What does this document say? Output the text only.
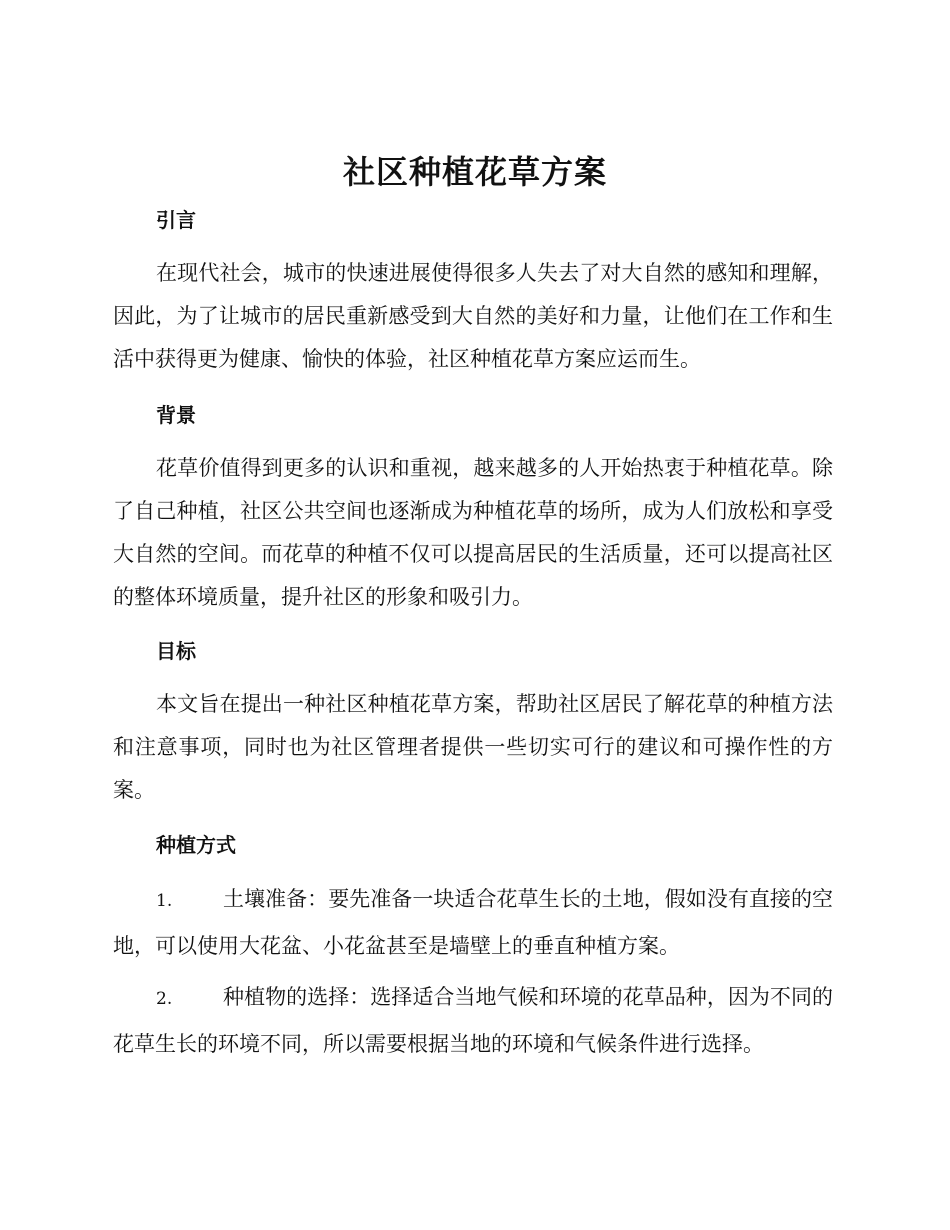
社区种植花草方案
引言

在现代社会，城市的快速进展使得很多人失去了对大自然的感知和理解，因此，为了让城市的居民重新感受到大自然的美好和力量，让他们在工作和生活中获得更为健康、愉快的体验，社区种植花草方案应运而生。

背景

花草价值得到更多的认识和重视，越来越多的人开始热衷于种植花草。除了自己种植，社区公共空间也逐渐成为种植花草的场所，成为人们放松和享受大自然的空间。而花草的种植不仅可以提高居民的生活质量，还可以提高社区的整体环境质量，提升社区的形象和吸引力。

目标

本文旨在提出一种社区种植花草方案，帮助社区居民了解花草的种植方法和注意事项，同时也为社区管理者提供一些切实可行的建议和可操作性的方案。

种植方式

1. 土壤准备：要先准备一块适合花草生长的土地，假如没有直接的空地，可以使用大花盆、小花盆甚至是墙壁上的垂直种植方案。

2. 种植物的选择：选择适合当地气候和环境的花草品种，因为不同的花草生长的环境不同，所以需要根据当地的环境和气候条件进行选择。
